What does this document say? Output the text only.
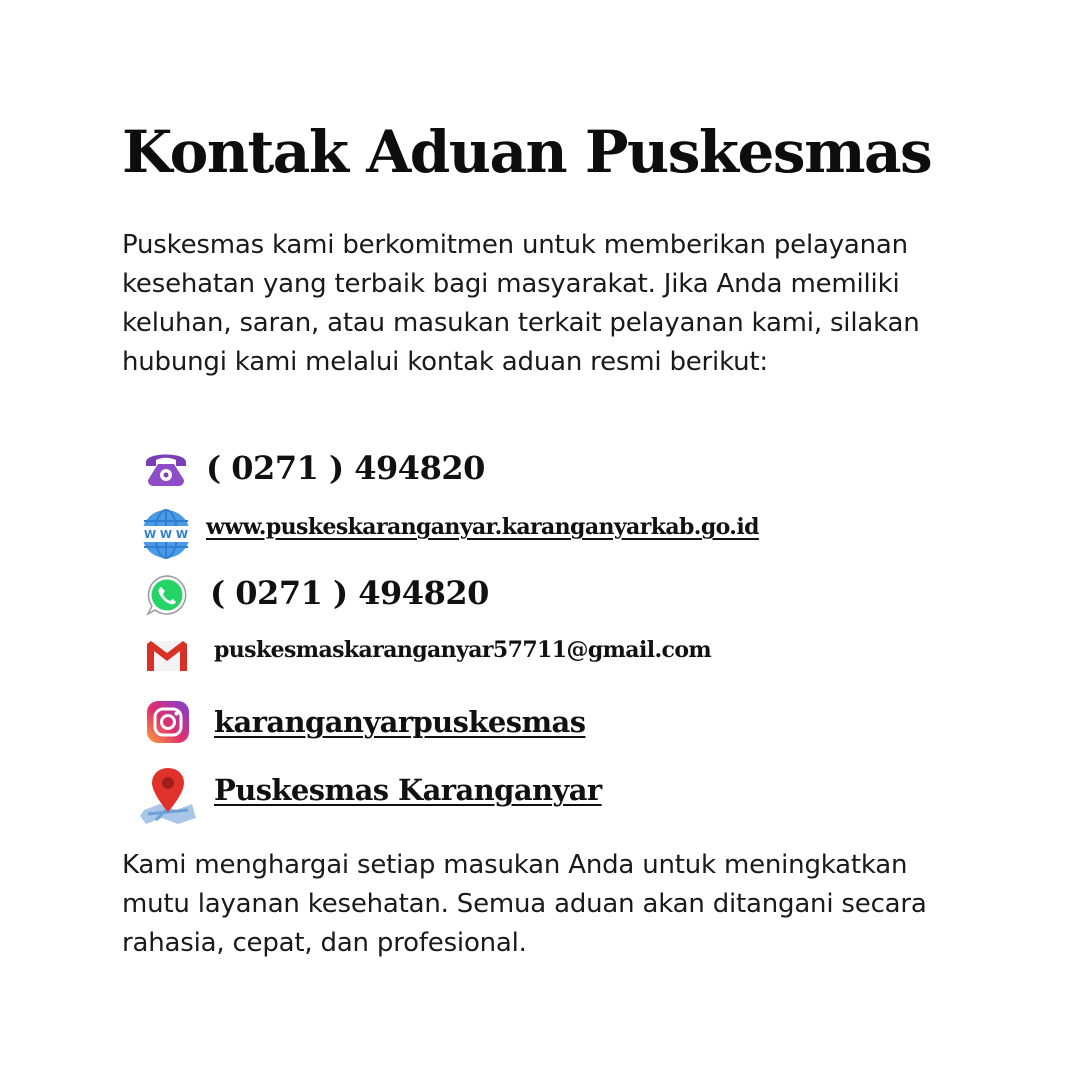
Kontak Aduan Puskesmas

Puskesmas kami berkomitmen untuk memberikan pelayanan kesehatan yang terbaik bagi masyarakat. Jika Anda memiliki keluhan, saran, atau masukan terkait pelayanan kami, silakan hubungi kami melalui kontak aduan resmi berikut:

( 0271 ) 494820
W W W www.puskeskaranganyar.karanganyarkab.go.id
( 0271 ) 494820
puskesmaskaranganyar57711@gmail.com
karanganyarpuskesmas
Puskesmas Karanganyar

Kami menghargai setiap masukan Anda untuk meningkatkan mutu layanan kesehatan. Semua aduan akan ditangani secara rahasia, cepat, dan profesional.
